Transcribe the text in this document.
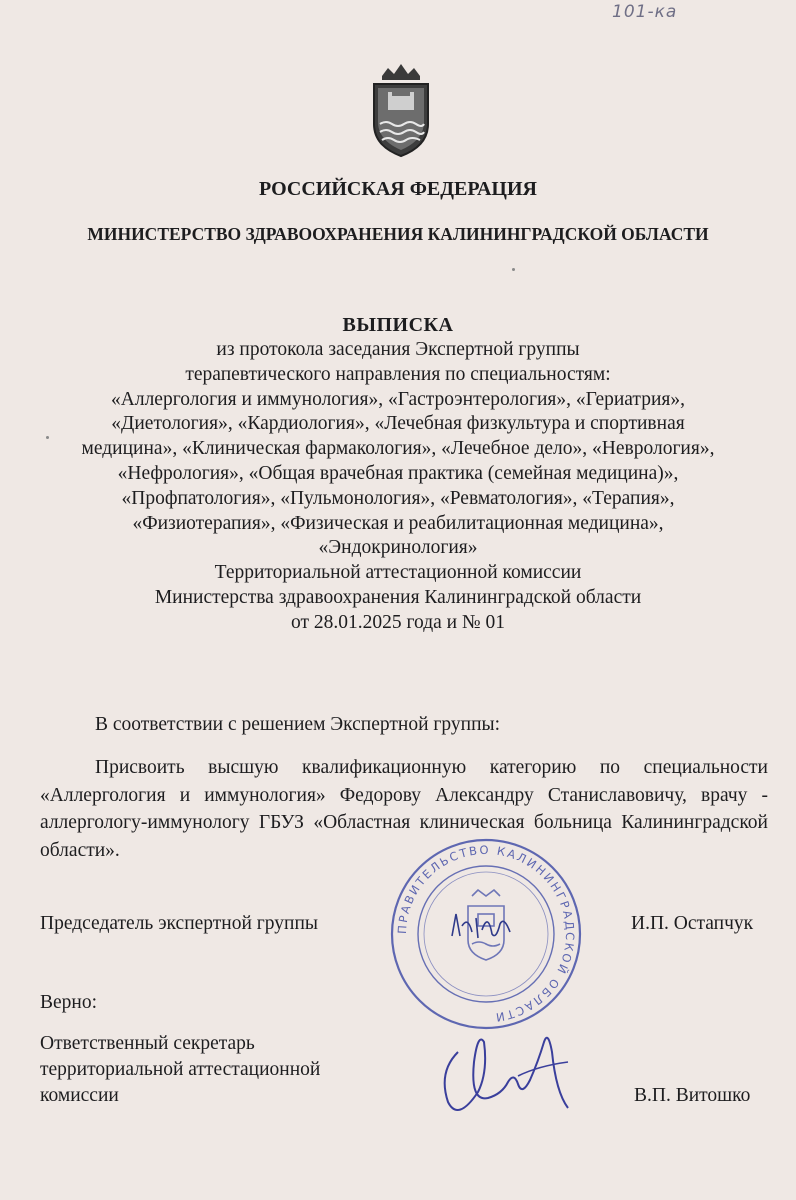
101-ка
РОССИЙСКАЯ ФЕДЕРАЦИЯ
МИНИСТЕРСТВО ЗДРАВООХРАНЕНИЯ КАЛИНИНГРАДСКОЙ ОБЛАСТИ
ВЫПИСКА
из протокола заседания Экспертной группы
терапевтического направления по специальностям:
«Аллергология и иммунология», «Гастроэнтерология», «Гериатрия»,
«Диетология», «Кардиология», «Лечебная физкультура и спортивная
медицина», «Клиническая фармакология», «Лечебное дело», «Неврология»,
«Нефрология», «Общая врачебная практика (семейная медицина)»,
«Профпатология», «Пульмонология», «Ревматология», «Терапия»,
«Физиотерапия», «Физическая и реабилитационная медицина»,
«Эндокринология»
Территориальной аттестационной комиссии
Министерства здравоохранения Калининградской области
от 28.01.2025 года и № 01
В соответствии с решением Экспертной группы:
Присвоить высшую квалификационную категорию по специальности «Аллергология и иммунология» Федорову Александру Станиславовичу, врачу - аллергологу-иммунологу ГБУЗ «Областная клиническая больница Калининградской области».
ПРАВИТЕЛЬСТВО КАЛИНИНГРАДСКОЙ ОБЛАСТИ
Председатель экспертной группы	И.П. Остапчук
Верно:
Ответственный секретарь
территориальной аттестационной
комиссии	В.П. Витошко
